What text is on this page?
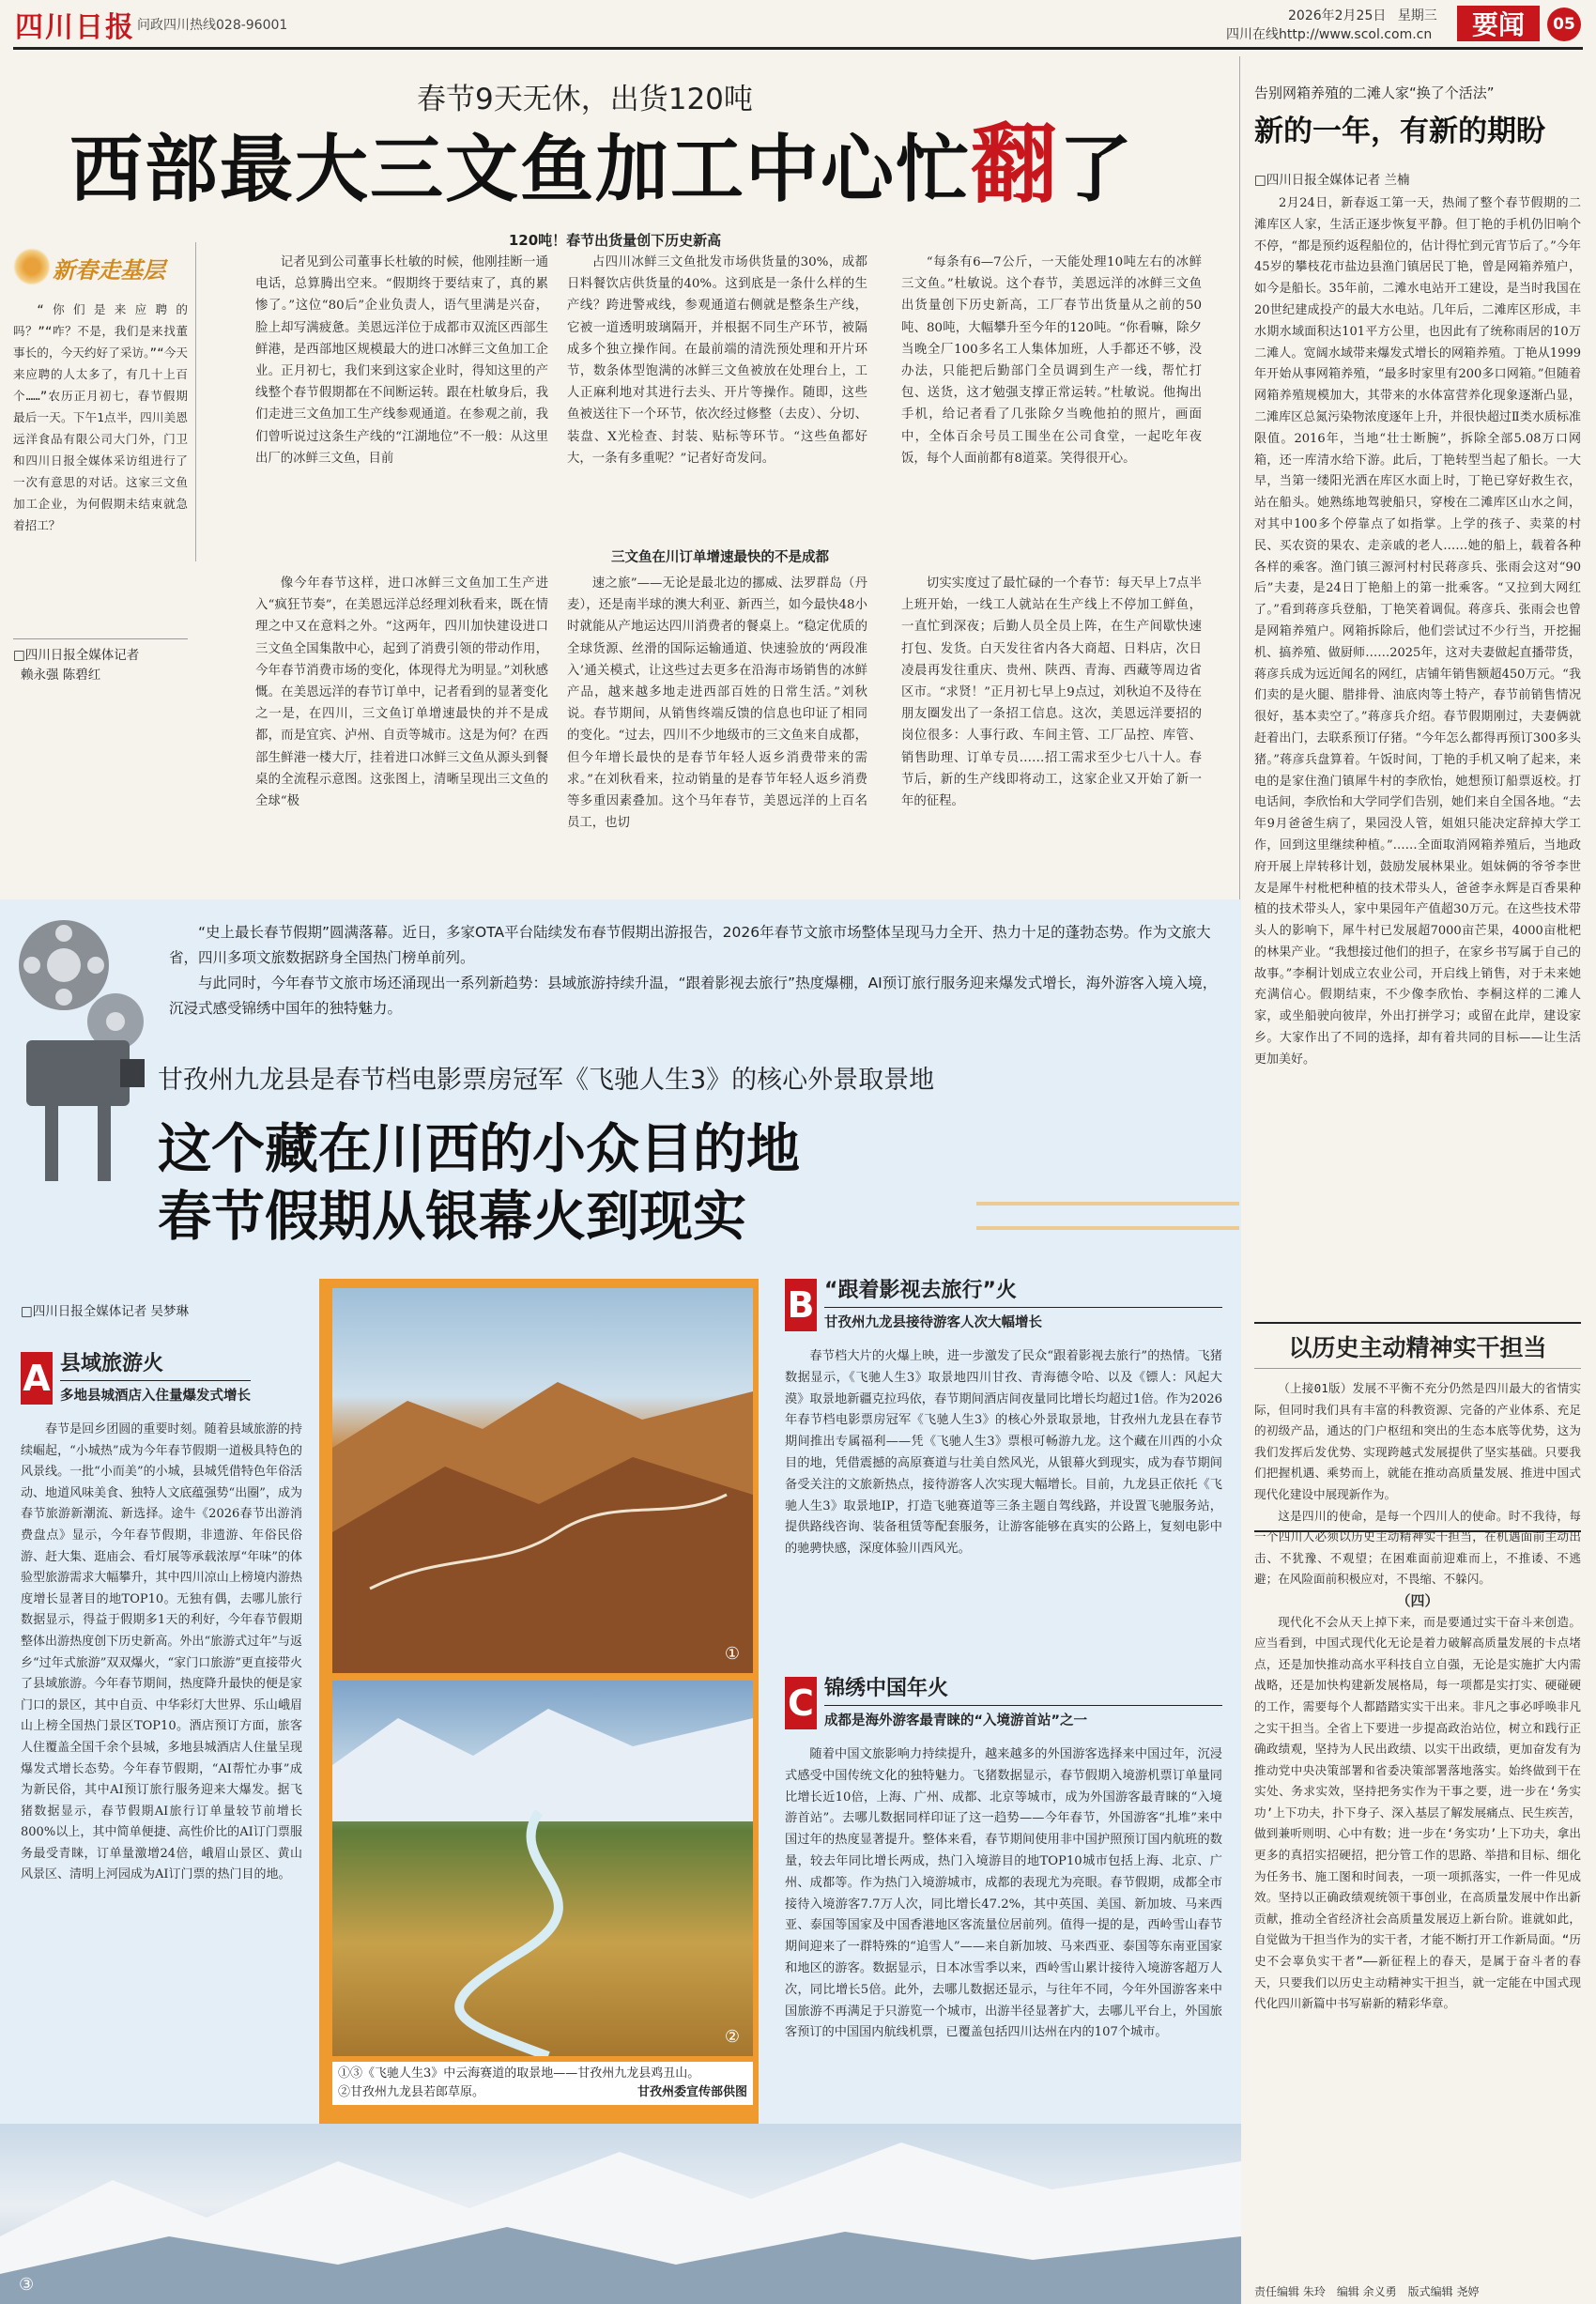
四川日报 问政四川热线028-96001
2026年2月25日 星期三
四川在线http://www.scol.com.cn	要闻	05
春节9天无休，出货120吨
西部最大三文鱼加工中心忙翻了
新春走基层

“你们是来应聘的吗？”“咋？不是，我们是来找董事长的，今天约好了采访。”“今天来应聘的人太多了，有几十上百个……”农历正月初七，春节假期最后一天。下午1点半，四川美恩远洋食品有限公司大门外，门卫和四川日报全媒体采访组进行了一次有意思的对话。这家三文鱼加工企业，为何假期未结束就急着招工？

□四川日报全媒体记者
赖永强 陈碧红
120吨！春节出货量创下历史新高

记者见到公司董事长杜敏的时候，他刚挂断一通电话，总算腾出空来。“假期终于要结束了，真的累惨了。”这位“80后”企业负责人，语气里满是兴奋，脸上却写满疲惫。美恩远洋位于成都市双流区西部生鲜港，是西部地区规模最大的进口冰鲜三文鱼加工企业。正月初七，我们来到这家企业时，得知这里的产线整个春节假期都在不间断运转。跟在杜敏身后，我们走进三文鱼加工生产线参观通道。在参观之前，我们曾听说过这条生产线的“江湖地位”不一般：从这里出厂的冰鲜三文鱼，目前

占四川冰鲜三文鱼批发市场供货量的30%，成都日料餐饮店供货量的40%。这到底是一条什么样的生产线？跨进警戒线，参观通道右侧就是整条生产线，它被一道透明玻璃隔开，并根据不同生产环节，被隔成多个独立操作间。在最前端的清洗预处理和开片环节，数条体型饱满的冰鲜三文鱼被放在处理台上，工人正麻利地对其进行去头、开片等操作。随即，这些鱼被送往下一个环节，依次经过修整（去皮）、分切、装盘、X光检查、封装、贴标等环节。“这些鱼都好大，一条有多重呢？”记者好奇发问。

“每条有6—7公斤，一天能处理10吨左右的冰鲜三文鱼。”杜敏说。这个春节，美恩远洋的冰鲜三文鱼出货量创下历史新高，工厂春节出货量从之前的50吨、80吨，大幅攀升至今年的120吨。“你看嘛，除夕当晚全厂100多名工人集体加班，人手都还不够，没办法，只能把后勤部门全员调到生产一线，帮忙打包、送货，这才勉强支撑正常运转。”杜敏说。他掏出手机，给记者看了几张除夕当晚他拍的照片，画面中，全体百余号员工围坐在公司食堂，一起吃年夜饭，每个人面前都有8道菜。笑得很开心。

三文鱼在川订单增速最快的不是成都

像今年春节这样，进口冰鲜三文鱼加工生产进入“疯狂节奏”，在美恩远洋总经理刘秋看来，既在情理之中又在意料之外。“这两年，四川加快建设进口三文鱼全国集散中心，起到了消费引领的带动作用，今年春节消费市场的变化，体现得尤为明显。”刘秋感慨。在美恩远洋的春节订单中，记者看到的显著变化之一是，在四川，三文鱼订单增速最快的并不是成都，而是宜宾、泸州、自贡等城市。这是为何？在西部生鲜港一楼大厅，挂着进口冰鲜三文鱼从源头到餐桌的全流程示意图。这张图上，清晰呈现出三文鱼的全球“极

速之旅”——无论是最北边的挪威、法罗群岛（丹麦），还是南半球的澳大利亚、新西兰，如今最快48小时就能从产地运达四川消费者的餐桌上。“稳定优质的全球货源、丝滑的国际运输通道、快速验放的‘两段准入’通关模式，让这些过去更多在沿海市场销售的冰鲜产品，越来越多地走进西部百姓的日常生活。”刘秋说。春节期间，从销售终端反馈的信息也印证了相同的变化。“过去，四川不少地级市的三文鱼来自成都，但今年增长最快的是春节年轻人返乡消费带来的需求。”在刘秋看来，拉动销量的是春节年轻人返乡消费等多重因素叠加。这个马年春节，美恩远洋的上百名员工，也切

切实实度过了最忙碌的一个春节：每天早上7点半上班开始，一线工人就站在生产线上不停加工鲜鱼，一直忙到深夜；后勤人员全员上阵，在生产间歇快速打包、发货。白天发往省内各大商超、日料店，次日凌晨再发往重庆、贵州、陕西、青海、西藏等周边省区市。“求贤！”正月初七早上9点过，刘秋迫不及待在朋友圈发出了一条招工信息。这次，美恩远洋要招的岗位很多：人事行政、车间主管、工厂品控、库管、销售助理、订单专员……招工需求至少七八十人。春节后，新的生产线即将动工，这家企业又开始了新一年的征程。

告别网箱养殖的二滩人家“换了个活法”
新的一年，有新的期盼
□四川日报全媒体记者 兰楠

2月24日，新春返工第一天，热闹了整个春节假期的二滩库区人家，生活正逐步恢复平静。但丁艳的手机仍旧响个不停，“都是预约返程船位的，估计得忙到元宵节后了。”今年45岁的攀枝花市盐边县渔门镇居民丁艳，曾是网箱养殖户，如今是船长。35年前，二滩水电站开工建设，是当时我国在20世纪建成投产的最大水电站。几年后，二滩库区形成，丰水期水域面积达101平方公里，也因此有了统称雨居的10万二滩人。宽阔水域带来爆发式增长的网箱养殖。丁艳从1999年开始从事网箱养殖，“最多时家里有200多口网箱。”但随着网箱养殖规模加大，其带来的水体富营养化现象逐渐凸显，二滩库区总氮污染物浓度逐年上升，并很快超过Ⅱ类水质标准限值。2016年，当地“壮士断腕”，拆除全部5.08万口网箱，还一库清水给下游。此后，丁艳转型当起了船长。一大早，当第一缕阳光洒在库区水面上时，丁艳已穿好救生衣，站在船头。她熟练地驾驶船只，穿梭在二滩库区山水之间，对其中100多个停靠点了如指掌。上学的孩子、卖菜的村民、买农资的果农、走亲戚的老人……她的船上，载着各种各样的乘客。渔门镇三源河村村民蒋彦兵、张雨会这对“90后”夫妻，是24日丁艳船上的第一批乘客。“又拉到大网红了。”看到蒋彦兵登船，丁艳笑着调侃。蒋彦兵、张雨会也曾是网箱养殖户。网箱拆除后，他们尝试过不少行当，开挖掘机、搞养殖、做厨师……2025年，这对夫妻做起直播带货，蒋彦兵成为远近闻名的网红，店铺年销售额超450万元。“我们卖的是火腿、腊排骨、油底肉等土特产，春节前销售情况很好，基本卖空了。”蒋彦兵介绍。春节假期刚过，夫妻俩就赶着出门，去联系预订仔猪。“今年怎么都得再预订300多头猪。”蒋彦兵盘算着。午饭时间，丁艳的手机又响了起来，来电的是家住渔门镇犀牛村的李欣怡，她想预订船票返校。打电话间，李欣怡和大学同学们告别，她们来自全国各地。“去年9月爸爸生病了，果园没人管，姐姐只能决定辞掉大学工作，回到这里继续种植。”……全面取消网箱养殖后，当地政府开展上岸转移计划，鼓励发展林果业。姐妹俩的爷爷李世友是犀牛村枇杷种植的技术带头人，爸爸李永辉是百香果种植的技术带头人，家中果园年产值超30万元。在这些技术带头人的影响下，犀牛村已发展超7000亩芒果，4000亩枇杷的林果产业。“我想接过他们的担子，在家乡书写属于自己的故事。”李桐计划成立农业公司，开启线上销售，对于未来她充满信心。假期结束，不少像李欣怡、李桐这样的二滩人家，或坐船驶向彼岸，外出打拼学习；或留在此岸，建设家乡。大家作出了不同的选择，却有着共同的目标——让生活更加美好。

以历史主动精神实干担当

（上接01版）发展不平衡不充分仍然是四川最大的省情实际，但同时我们具有丰富的科教资源、完备的产业体系、充足的初级产品，通达的门户枢纽和突出的生态本底等优势，这为我们发挥后发优势、实现跨越式发展提供了坚实基础。只要我们把握机遇、乘势而上，就能在推动高质量发展、推进中国式现代化建设中展现新作为。

这是四川的使命，是每一个四川人的使命。时不我待，每一个四川人必须以历史主动精神实干担当，在机遇面前主动出击、不犹豫、不观望；在困难面前迎难而上，不推诿、不逃避；在风险面前积极应对，不畏缩、不躲闪。

（四）

现代化不会从天上掉下来，而是要通过实干奋斗来创造。应当看到，中国式现代化无论是着力破解高质量发展的卡点堵点，还是加快推动高水平科技自立自强，无论是实施扩大内需战略，还是加快构建新发展格局，每一项都是实打实、硬碰硬的工作，需要每个人都踏踏实实干出来。非凡之事必呼唤非凡之实干担当。全省上下要进一步提高政治站位，树立和践行正确政绩观，坚持为人民出政绩、以实干出政绩，更加奋发有为推动党中央决策部署和省委决策部署落地落实。始终做到干在实处、务求实效，坚持把务实作为干事之要，进一步在‘务实功’上下功夫，扑下身子、深入基层了解发展痛点、民生疾苦，做到兼听则明、心中有数；进一步在‘务实功’上下功夫，拿出更多的真招实招硬招，把分管工作的思路、举措和目标、细化为任务书、施工图和时间表，一项一项抓落实，一件一件见成效。坚持以正确政绩观统领干事创业，在高质量发展中作出新贡献，推动全省经济社会高质量发展迈上新台阶。谁就如此，自觉做为干担当作为的实干者，才能不断打开工作新局面。“历史不会辜负实干者”——新征程上的春天，是属于奋斗者的春天，只要我们以历史主动精神实干担当，就一定能在中国式现代化四川新篇中书写崭新的精彩华章。

“史上最长春节假期”圆满落幕。近日，多家OTA平台陆续发布春节假期出游报告，2026年春节文旅市场整体呈现马力全开、热力十足的蓬勃态势。作为文旅大省，四川多项文旅数据跻身全国热门榜单前列。

与此同时，今年春节文旅市场还涌现出一系列新趋势：县域旅游持续升温，“跟着影视去旅行”热度爆棚，AI预订旅行服务迎来爆发式增长，海外游客入境入境，沉浸式感受锦绣中国年的独特魅力。

甘孜州九龙县是春节档电影票房冠军《飞驰人生3》的核心外景取景地
这个藏在川西的小众目的地
春节假期从银幕火到现实
□四川日报全媒体记者 吴梦琳
A 县域旅游火
多地县城酒店入住量爆发式增长

春节是回乡团圆的重要时刻。随着县域旅游的持续崛起，“小城热”成为今年春节假期一道极具特色的风景线。一批“小而美”的小城，县城凭借特色年俗活动、地道风味美食、独特人文底蕴强势“出圈”，成为春节旅游新潮流、新选择。途牛《2026春节出游消费盘点》显示，今年春节假期，非遗游、年俗民俗游、赶大集、逛庙会、看灯展等承载浓厚“年味”的体验型旅游需求大幅攀升，其中四川凉山上榜境内游热度增长显著目的地TOP10。无独有偶，去哪儿旅行数据显示，得益于假期多1天的利好，今年春节假期整体出游热度创下历史新高。外出“旅游式过年”与返乡“过年式旅游”双双爆火，“家门口旅游”更直接带火了县域旅游。今年春节期间，热度降升最快的便是家门口的景区，其中自贡、中华彩灯大世界、乐山峨眉山上榜全国热门景区TOP10。酒店预订方面，旅客人住覆盖全国千余个县城，多地县城酒店人住量呈现爆发式增长态势。今年春节假期，“AI帮忙办事”成为新民俗，其中AI预订旅行服务迎来大爆发。据飞猪数据显示，春节假期AI旅行订单量较节前增长800%以上，其中简单便捷、高性价比的AI订门票服务最受青睐，订单量激增24倍，峨眉山景区、黄山风景区、清明上河园成为AI订门票的热门目的地。

①
②
③
①③《飞驰人生3》中云海赛道的取景地——甘孜州九龙县鸡丑山。
②甘孜州九龙县若郎草原。	甘孜州委宣传部供图
B “跟着影视去旅行”火
甘孜州九龙县接待游客人次大幅增长

春节档大片的火爆上映，进一步激发了民众“跟着影视去旅行”的热情。飞猪数据显示，《飞驰人生3》取景地四川甘孜、青海德令哈、以及《镖人：风起大漠》取景地新疆克拉玛依，春节期间酒店间夜量同比增长均超过1倍。作为2026年春节档电影票房冠军《飞驰人生3》的核心外景取景地，甘孜州九龙县在春节期间推出专属福利——凭《飞驰人生3》票根可畅游九龙。这个藏在川西的小众目的地，凭借震撼的高原赛道与壮美自然风光，从银幕火到现实，成为春节期间备受关注的文旅新热点，接待游客人次实现大幅增长。目前，九龙县正依托《飞驰人生3》取景地IP，打造飞驰赛道等三条主题自驾线路，并设置飞驰服务站，提供路线咨询、装备租赁等配套服务，让游客能够在真实的公路上，复刻电影中的驰骋快感，深度体验川西风光。

C 锦绣中国年火
成都是海外游客最青睐的“入境游首站”之一

随着中国文旅影响力持续提升，越来越多的外国游客选择来中国过年，沉浸式感受中国传统文化的独特魅力。飞猪数据显示，春节假期入境游机票订单量同比增长近10倍，上海、广州、成都、北京等城市，成为外国游客最青睐的“入境游首站”。去哪儿数据同样印证了这一趋势——今年春节，外国游客“扎堆”来中国过年的热度显著提升。整体来看，春节期间使用非中国护照预订国内航班的数量，较去年同比增长两成，热门入境游目的地TOP10城市包括上海、北京、广州、成都等。作为热门入境游城市，成都的表现尤为亮眼。春节假期，成都全市接待入境游客7.7万人次，同比增长47.2%，其中英国、美国、新加坡、马来西亚、泰国等国家及中国香港地区客流量位居前列。值得一提的是，西岭雪山春节期间迎来了一群特殊的“追雪人”——来自新加坡、马来西亚、泰国等东南亚国家和地区的游客。数据显示，日本冰雪季以来，西岭雪山累计接待入境游客超万人次，同比增长5倍。此外，去哪儿数据还显示，与往年不同，今年外国游客来中国旅游不再满足于只游览一个城市，出游半径显著扩大，去哪儿平台上，外国旅客预订的中国国内航线机票，已覆盖包括四川达州在内的107个城市。

责任编辑 朱玲　编辑 余义勇　版式编辑 尧婷
